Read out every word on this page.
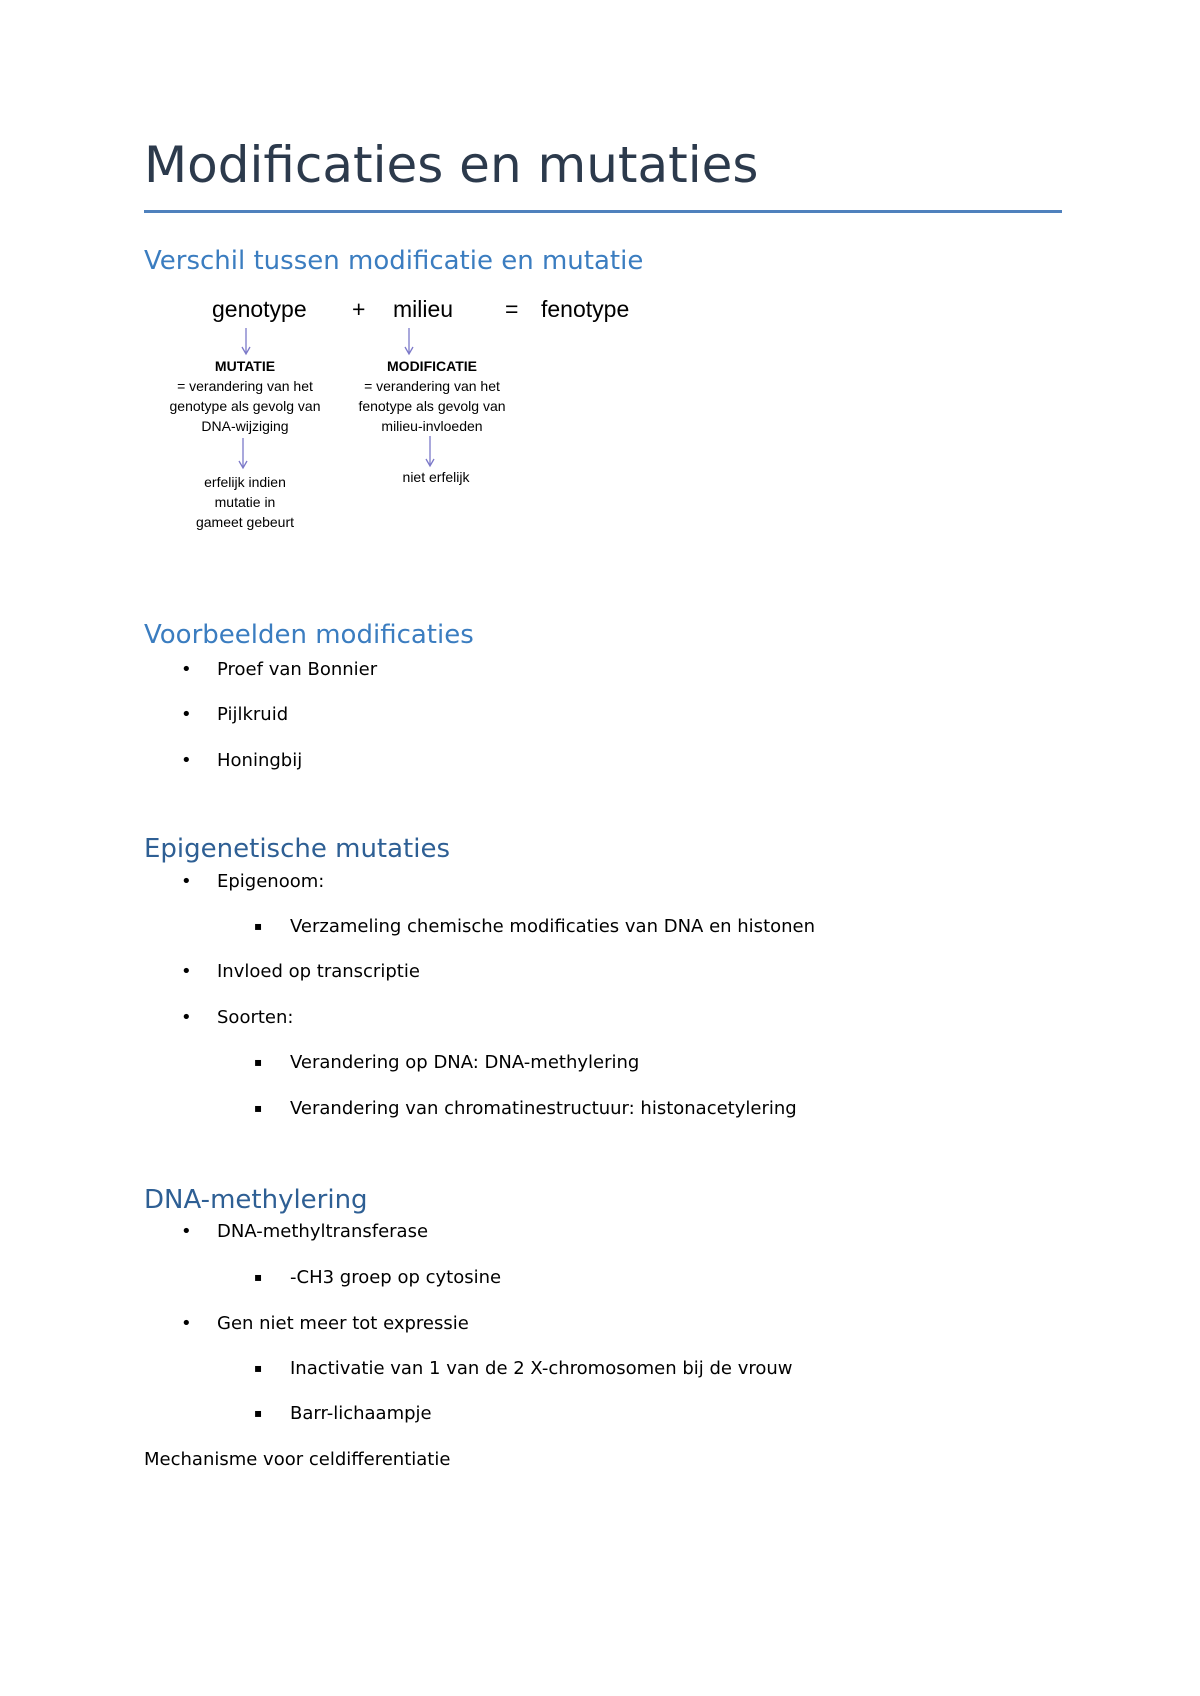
Modificaties en mutaties
Verschil tussen modificatie en mutatie
genotype + milieu = fenotype
MUTATIE
= verandering van het
genotype als gevolg van
DNA-wijziging
MODIFICATIE
= verandering van het
fenotype als gevolg van
milieu-invloeden
erfelijk indien
mutatie in
gameet gebeurt
niet erfelijk
Voorbeelden modificaties
• Proef van Bonnier
• Pijlkruid
• Honingbij
Epigenetische mutaties
• Epigenoom:
▪ Verzameling chemische modificaties van DNA en histonen
• Invloed op transcriptie
• Soorten:
▪ Verandering op DNA: DNA-methylering
▪ Verandering van chromatinestructuur: histonacetylering
DNA-methylering
• DNA-methyltransferase
▪ -CH3 groep op cytosine
• Gen niet meer tot expressie
▪ Inactivatie van 1 van de 2 X-chromosomen bij de vrouw
▪ Barr-lichaampje
Mechanisme voor celdifferentiatie
